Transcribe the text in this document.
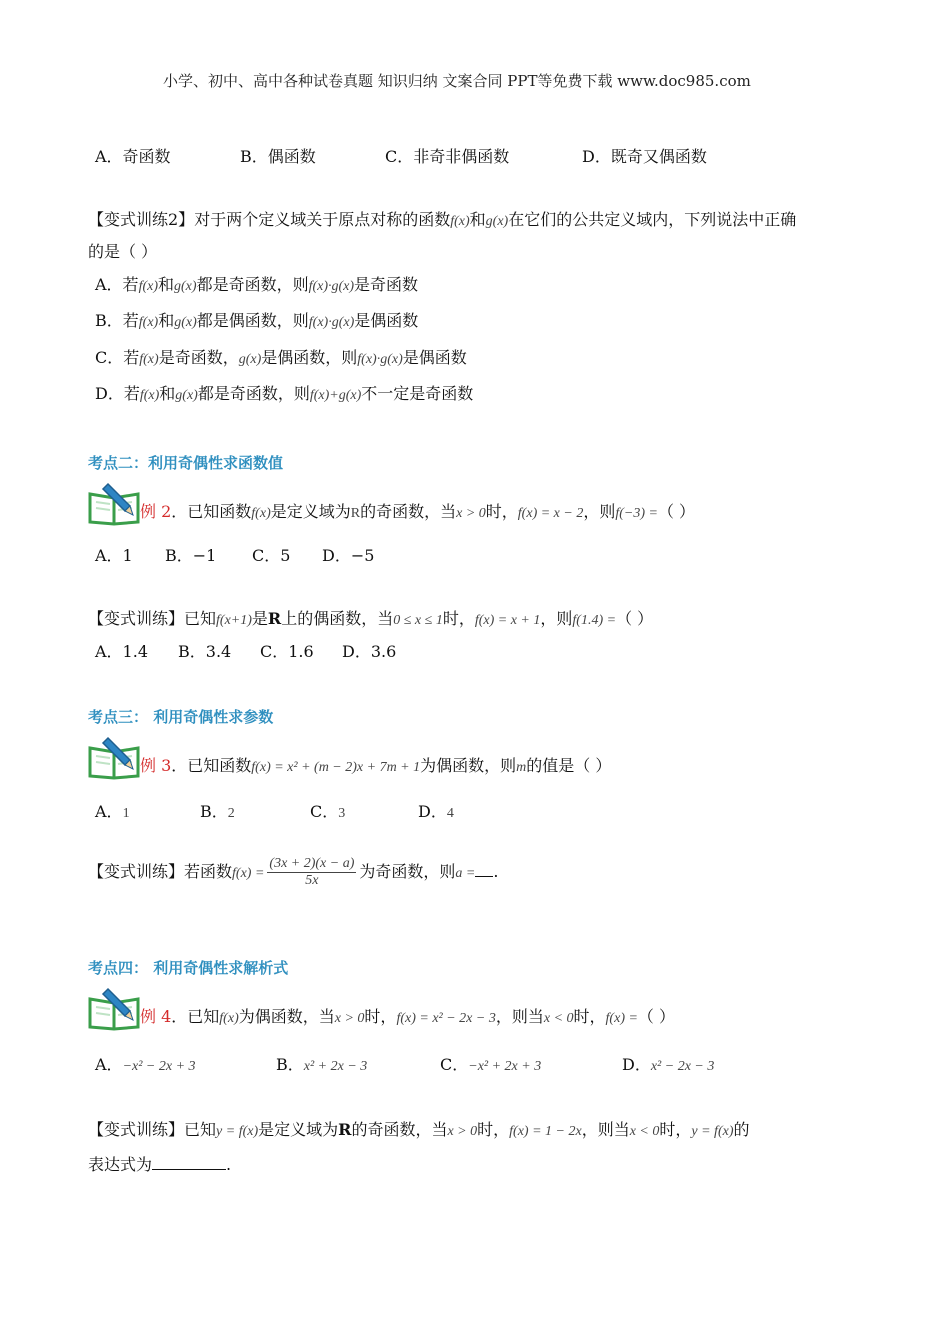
小学、初中、高中各种试卷真题 知识归纳 文案合同 PPT等免费下载 www.doc985.com
A．奇函数	B．偶函数	C．非奇非偶函数	D．既奇又偶函数
【变式训练2】对于两个定义域关于原点对称的函数f(x)和g(x)在它们的公共定义域内，下列说法中正确
的是（ ）
A．若f(x)和g(x)都是奇函数，则f(x)·g(x)是奇函数
B．若f(x)和g(x)都是偶函数，则f(x)·g(x)是偶函数
C．若f(x)是奇函数，g(x)是偶函数，则f(x)·g(x)是偶函数
D．若f(x)和g(x)都是奇函数，则f(x)+g(x)不一定是奇函数
考点二：利用奇偶性求函数值
例 2．已知函数f(x)是定义域为R的奇函数，当x > 0时，f(x) = x − 2，则f(−3) =（ ）
A．1 B．−1 C．5 D．−5
【变式训练】已知f(x+1)是R上的偶函数，当0 ≤ x ≤ 1时，f(x) = x + 1，则f(1.4) =（ ）
A．1.4 B．3.4 C．1.6 D．3.6
考点三： 利用奇偶性求参数
例 3．已知函数f(x) = x² + (m − 2)x + 7m + 1为偶函数，则m的值是（ ）
A．1	B．2	C．3	D．4
【变式训练】若函数$f(x) = \frac{(3x + 2)(x - a)}{5x}$ 为奇函数，则a = .
考点四： 利用奇偶性求解析式
例 4．已知f(x)为偶函数，当x > 0时，f(x) = x² − 2x − 3，则当x < 0时，f(x) =（ ）
A．−x² − 2x + 3	B．x² + 2x − 3	C．−x² + 2x + 3	D．x² − 2x − 3
【变式训练】已知y = f(x)是定义域为R的奇函数，当x > 0时，f(x) = 1 − 2x，则当x < 0时，y = f(x)的
表达式为	.
